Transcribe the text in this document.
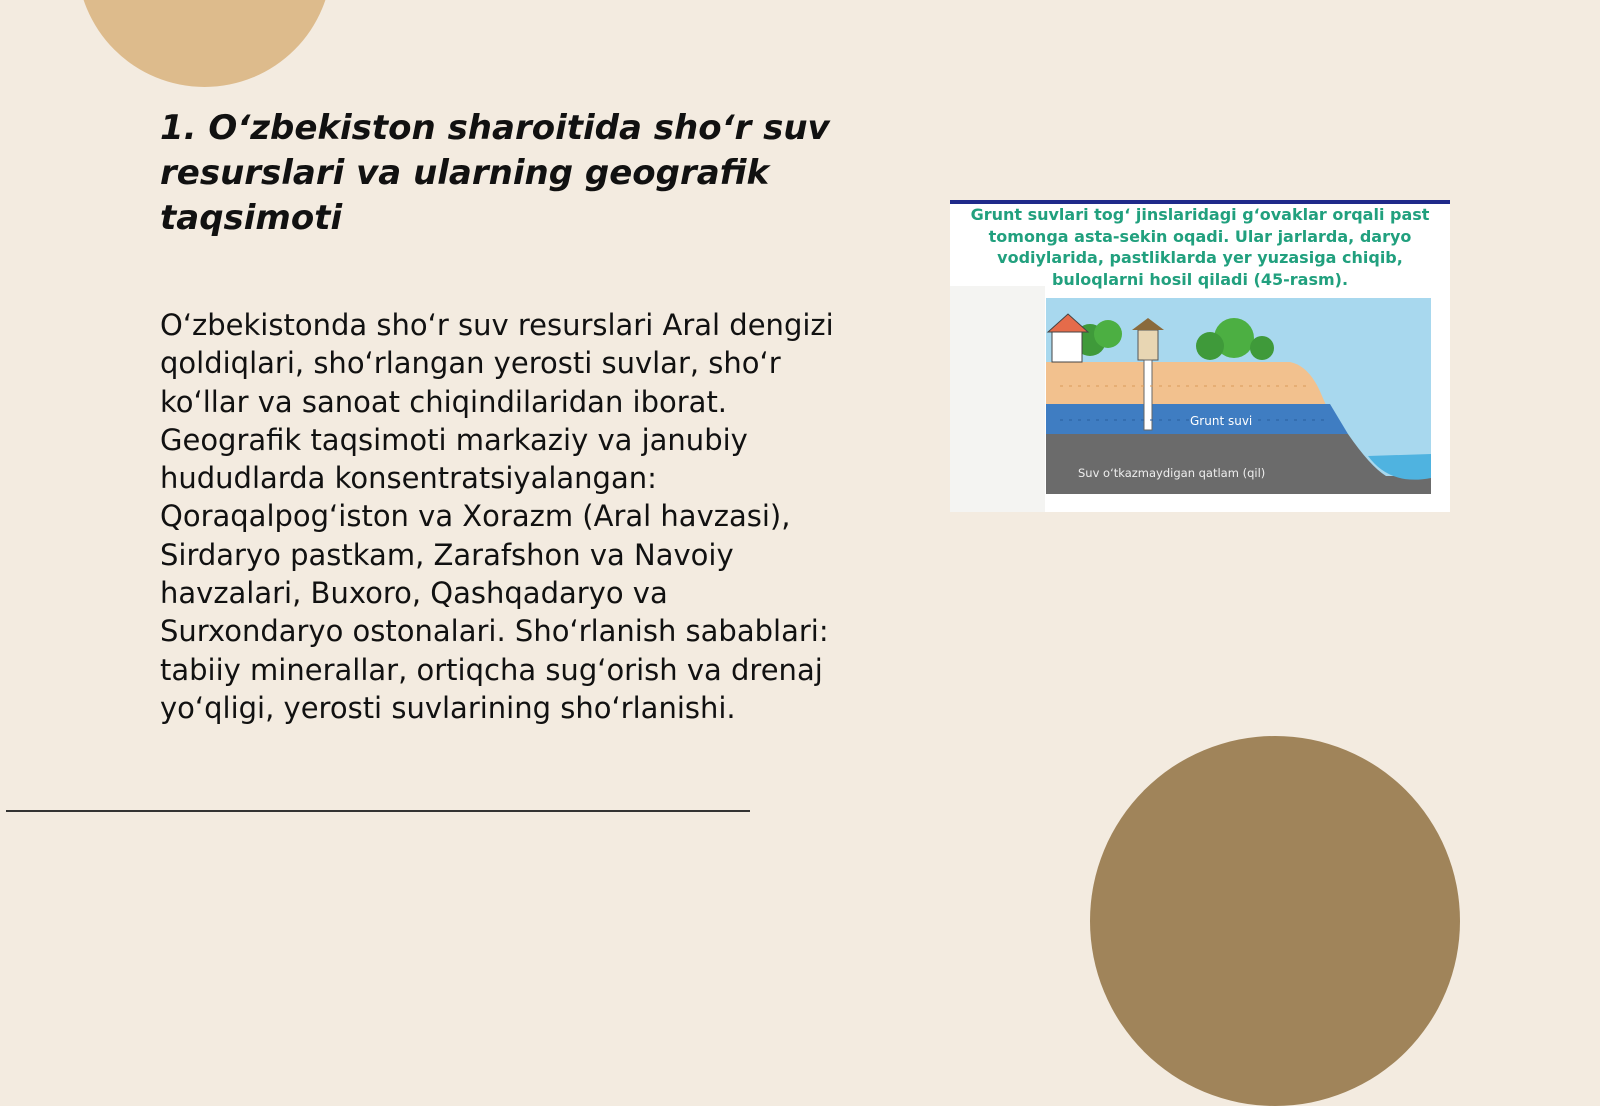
1. O‘zbekiston sharoitida sho‘r suv resurslari va ularning geografik taqsimoti

O‘zbekistonda sho‘r suv resurslari Aral dengizi qoldiqlari, sho‘rlangan yerosti suvlar, sho‘r ko‘llar va sanoat chiqindilaridan iborat. Geografik taqsimoti markaziy va janubiy hududlarda konsentratsiyalangan: Qoraqalpog‘iston va Xorazm (Aral havzasi), Sirdaryo pastkam, Zarafshon va Navoiy havzalari, Buxoro, Qashqadaryo va Surxondaryo ostonalari. Sho‘rlanish sabablari: tabiiy minerallar, ortiqcha sug‘orish va drenaj yo‘qligi, yerosti suvlarining sho‘rlanishi.

Grunt suvlari tog‘ jinslaridagi g‘ovaklar orqali past tomonga asta-sekin oqadi. Ular jarlarda, daryo vodiylarida, pastliklarda yer yuzasiga chiqib, buloqlarni hosil qiladi (45-rasm).

Grunt suvi
Suv o‘tkazmaydigan qatlam (qil)
